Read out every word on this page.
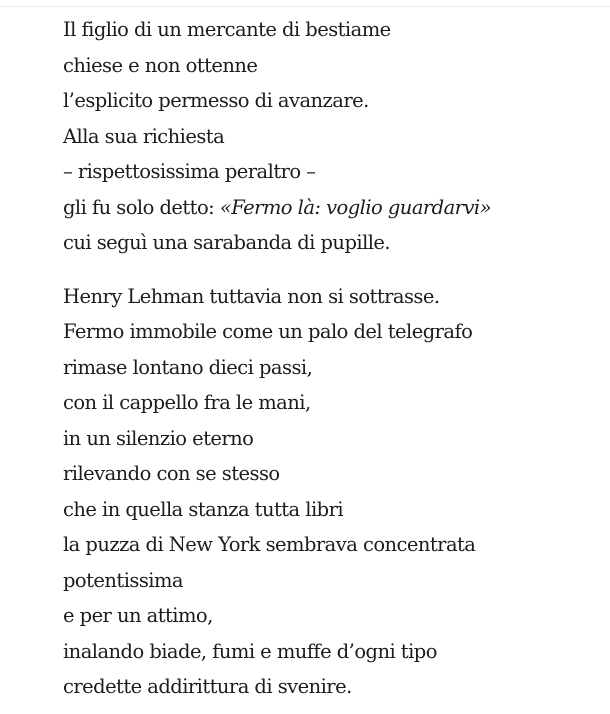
Il figlio di un mercante di bestiame
chiese e non ottenne
l’esplicito permesso di avanzare.
Alla sua richiesta
– rispettosissima peraltro –
gli fu solo detto: «Fermo là: voglio guardarvi»
cui seguì una sarabanda di pupille.
Henry Lehman tuttavia non si sottrasse.
Fermo immobile come un palo del telegrafo
rimase lontano dieci passi,
con il cappello fra le mani,
in un silenzio eterno
rilevando con se stesso
che in quella stanza tutta libri
la puzza di New York sembrava concentrata
potentissima
e per un attimo,
inalando biade, fumi e muffe d’ogni tipo
credette addirittura di svenire.
